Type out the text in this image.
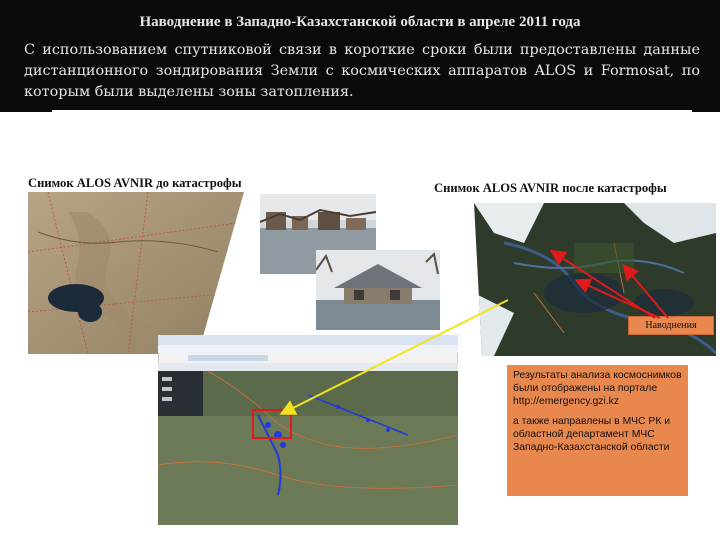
Наводнение в Западно-Казахстанской области в апреле 2011 года
С использованием спутниковой связи в короткие сроки были предоставлены данные дистанционного зондирования Земли с космических аппаратов ALOS и Formosat, по которым были выделены зоны затопления.
Снимок ALOS AVNIR до катастрофы	Снимок ALOS AVNIR после катастрофы
Наводнения
Результаты анализа космоснимков были отображены на портале http://emergency.gzi.kz
а также направлены в МЧС РК и областной департамент МЧС Западно-Казахстанской области
